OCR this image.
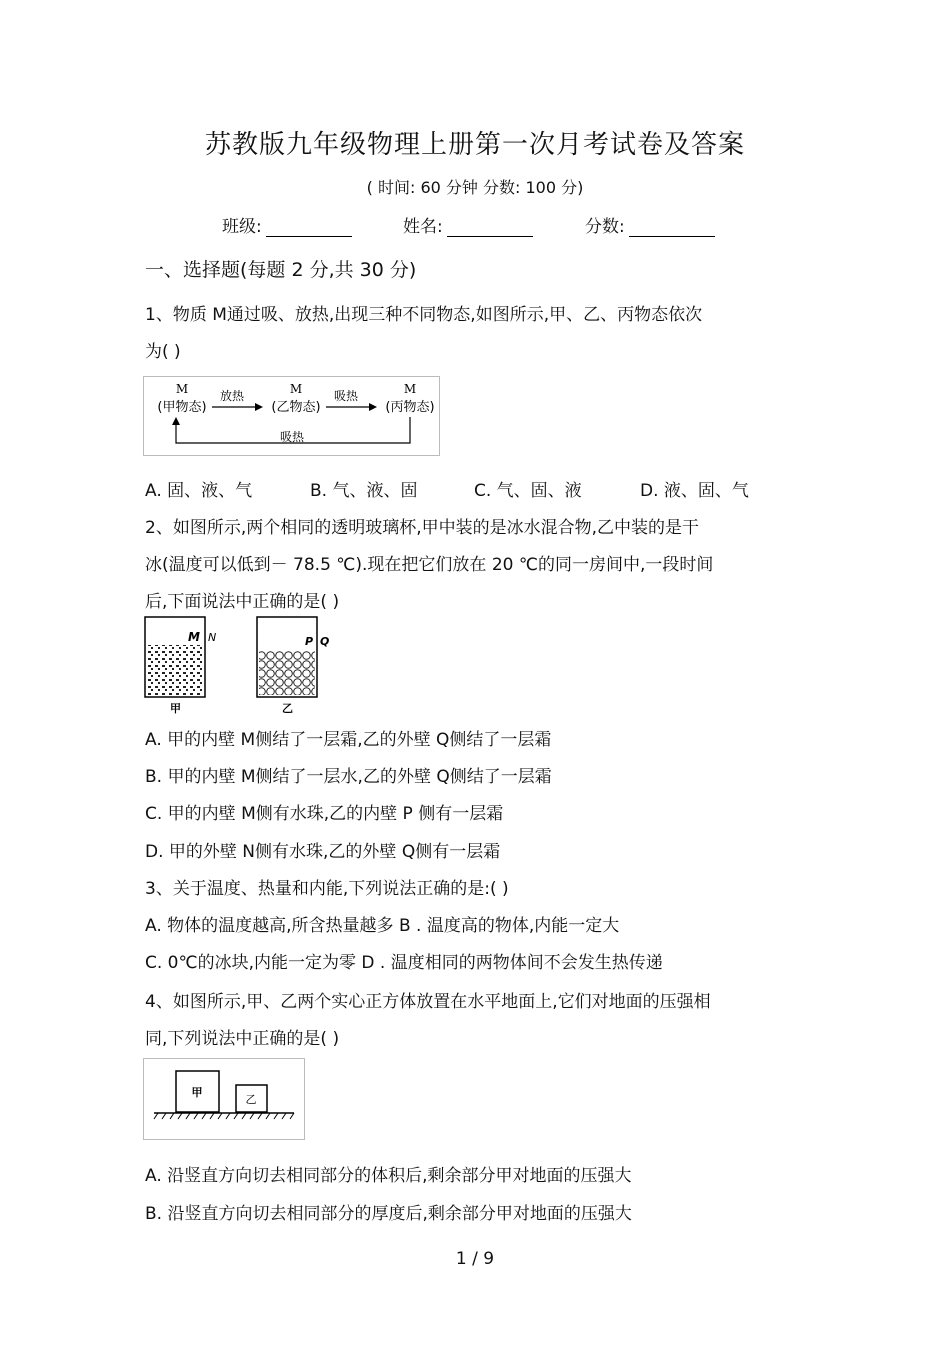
苏教版九年级物理上册第一次月考试卷及答案
( 时间: 60 分钟 分数: 100 分)
班级:	姓名:	分数:
一、选择题(每题 2 分,共 30 分)
1、物质 M通过吸、放热,出现三种不同物态,如图所示,甲、乙、丙物态依次
为( )
M
(甲物态)
M
(乙物态)
M
(丙物态)
放热	吸热
吸热
A. 固、液、气	B. 气、液、固	C. 气、固、液	D. 液、固、气
2、如图所示,两个相同的透明玻璃杯,甲中装的是冰水混合物,乙中装的是干
冰(温度可以低到－ 78.5 ℃).现在把它们放在 20 ℃的同一房间中,一段时间
后,下面说法中正确的是( )
M N
甲
P Q
乙
A. 甲的内壁 M侧结了一层霜,乙的外壁 Q侧结了一层霜
B. 甲的内壁 M侧结了一层水,乙的外壁 Q侧结了一层霜
C. 甲的内壁 M侧有水珠,乙的内壁 P 侧有一层霜
D. 甲的外壁 N侧有水珠,乙的外壁 Q侧有一层霜
3、关于温度、热量和内能,下列说法正确的是:( )
A. 物体的温度越高,所含热量越多 B . 温度高的物体,内能一定大
C. 0℃的冰块,内能一定为零 D . 温度相同的两物体间不会发生热传递
4、如图所示,甲、乙两个实心正方体放置在水平地面上,它们对地面的压强相
同,下列说法中正确的是( )
甲
乙
A. 沿竖直方向切去相同部分的体积后,剩余部分甲对地面的压强大
B. 沿竖直方向切去相同部分的厚度后,剩余部分甲对地面的压强大
1 / 9
